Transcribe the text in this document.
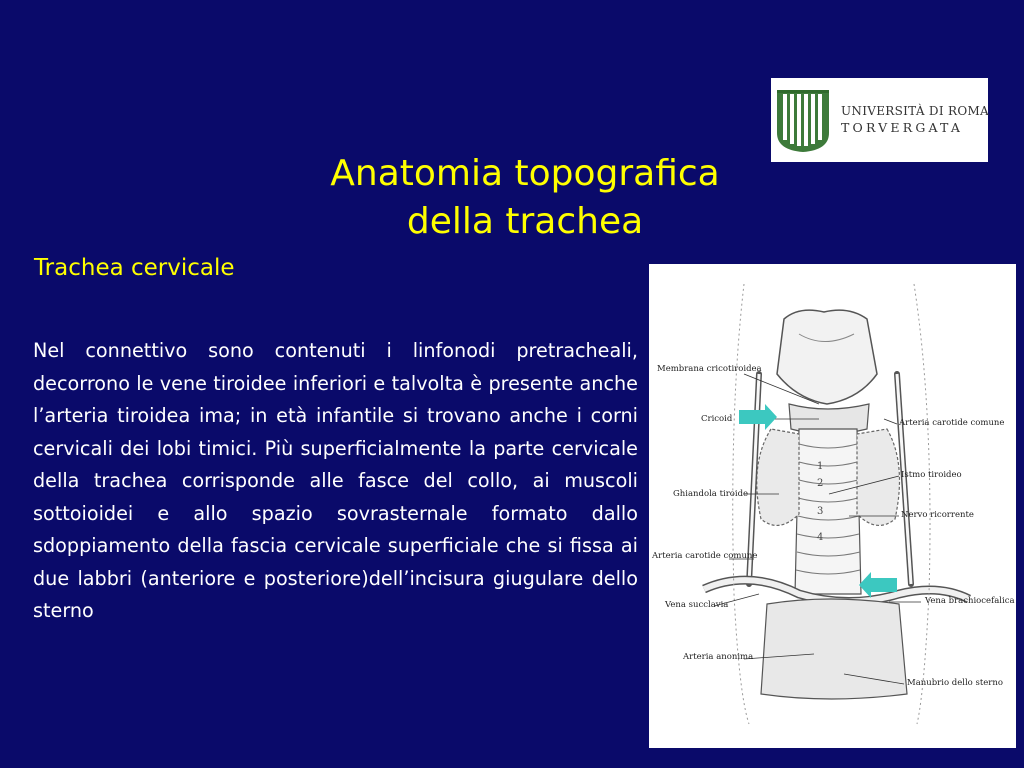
UNIVERSITÀ DI ROMA
TORVERGATA
Anatomia topografica
della trachea
Trachea cervicale
Nel connettivo sono contenuti i linfonodi pretracheali, decorrono le vene tiroidee inferiori e talvolta è presente anche l’arteria tiroidea ima; in età infantile si trovano anche i corni cervicali dei lobi timici. Più superficialmente la parte cervicale della trachea corrisponde alle fasce del collo, ai muscoli sottoioidei e allo spazio sovrasternale formato dallo sdoppiamento della fascia cervicale superficiale che si fissa ai due labbri (anteriore e posteriore)dell’incisura giugulare dello sterno
1
2
3
4
Membrana cricotiroidea
Cricoid
Ghiandola tiroide
Arteria carotide comune
Vena succlavia
Arteria anonima
Arteria carotide comune
Istmo tiroideo
Nervo ricorrente
Vena brachiocefalica
Manubrio dello sterno
